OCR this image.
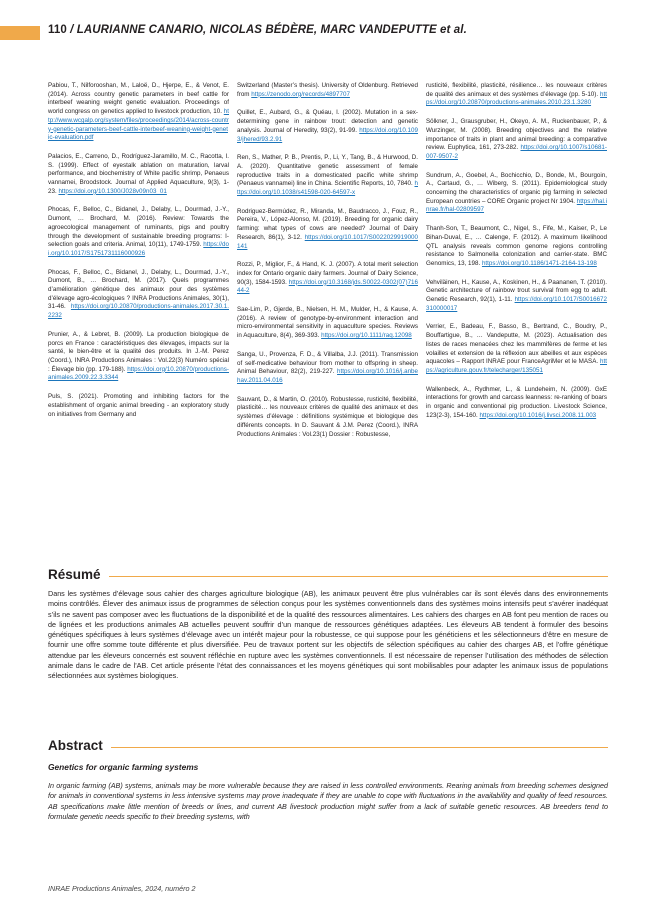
110 / LAURIANNE CANARIO, NICOLAS BÉDÈRE, MARC VANDEPUTTE et al.

Pabiou, T., Nilforooshan, M., Laloë, D., Hjerpe, E., & Venot, E. (2014). Across country genetic parameters in beef cattle for interbeef weaning weight genetic evaluation. Proceedings of world congress on genetics applied to livestock production, 10. http://www.wcgalp.org/system/files/proceedings/2014/across-country-genetic-parameters-beef-cattle-interbeef-weaning-weight-genetic-evaluation.pdf

Palacios, E., Carreno, D., Rodríguez-Jaramillo, M. C., Racotta, I. S. (1999). Effect of eyestalk ablation on maturation, larval performance, and biochemistry of White pacific shrimp, Penaeus vannamei, Broodstock. Journal of Applied Aquaculture, 9(3), 1-23. https://doi.org/10.1300/J028v09n03_01

Phocas, F., Belloc, C., Bidanel, J., Delaby, L., Dourmad, J.-Y., Dumont, … Brochard, M. (2016). Review: Towards the agroecological management of ruminants, pigs and poultry through the development of sustainable breeding programs: I-selection goals and criteria. Animal, 10(11), 1749-1759. https://doi.org/10.1017/S1751731116000926

Phocas, F., Belloc, C., Bidanel, J., Delaby, L., Dourmad, J.-Y., Dumont, B., … Brochard, M. (2017). Quels programmes d’amélioration génétique des animaux pour des systèmes d’élevage agro-écologiques ? INRA Productions Animales, 30(1), 31-46. https://doi.org/10.20870/productions-animales.2017.30.1.2232

Prunier, A., & Lebret, B. (2009). La production biologique de porcs en France : caractéristiques des élevages, impacts sur la santé, le bien-être et la qualité des produits. In J.-M. Perez (Coord.), INRA Productions Animales : Vol.22(3) Numéro spécial : Élevage bio (pp. 179-188). https://doi.org/10.20870/productions-animales.2009.22.3.3344

Puls, S. (2021). Promoting and inhibiting factors for the establishment of organic animal breeding - an exploratory study on initiatives from Germany and

Switzerland (Master’s thesis). University of Oldenburg. Retrieved from https://zenodo.org/records/4897707

Quillet, E., Aubard, G., & Quéau, I. (2002). Mutation in a sex-determining gene in rainbow trout: detection and genetic analysis. Journal of Heredity, 93(2), 91-99. https://doi.org/10.1093/jhered/93.2.91

Ren, S., Mather, P. B., Prentis, P., Li, Y., Tang, B., & Hurwood, D. A. (2020). Quantitative genetic assessment of female reproductive traits in a domesticated pacific white shrimp (Penaeus vannamei) line in China. Scientific Reports, 10, 7840. https://doi.org/10.1038/s41598-020-64597-x

Rodriguez-Bermúdez, R., Miranda, M., Baudracco, J., Fouz, R., Pereira, V., López-Alonso, M. (2019). Breeding for organic dairy farming: what types of cows are needed? Journal of Dairy Research, 86(1), 3-12. https://doi.org/10.1017/S0022029919000141

Rozzi, P., Miglior, F., & Hand, K. J. (2007). A total merit selection index for Ontario organic dairy farmers. Journal of Dairy Science, 90(3), 1584-1593. https://doi.org/10.3168/jds.S0022-0302(07)71644-2

Sae-Lim, P., Gjerde, B., Nielsen, H. M., Mulder, H., & Kause, A. (2016). A review of genotype-by-environment interaction and micro-environmental sensitivity in aquaculture species. Reviews in Aquaculture, 8(4), 369-393. https://doi.org/10.1111/raq.12098

Sanga, U., Provenza, F. D., & Villalba, J.J. (2011). Transmission of self-medicative behaviour from mother to offspring in sheep. Animal Behaviour, 82(2), 219-227. https://doi.org/10.1016/j.anbehav.2011.04.016

Sauvant, D., & Martin, O. (2010). Robustesse, rusticité, flexibilité, plasticité… les nouveaux critères de qualité des animaux et des systèmes d’élevage : définitions systémique et biologique des différents concepts. In D. Sauvant & J.M. Perez (Coord.), INRA Productions Animales : Vol.23(1) Dossier : Robustesse,

rusticité, flexibilité, plasticité, résilience… les nouveaux critères de qualité des animaux et des systèmes d’élevage (pp. 5-10). https://doi.org/10.20870/productions-animales.2010.23.1.3280

Sölkner, J., Grausgruber, H., Okeyo, A. M., Ruckenbauer, P., & Wurzinger, M. (2008). Breeding objectives and the relative importance of traits in plant and animal breeding: a comparative review. Euphytica, 161, 273-282. https://doi.org/10.1007/s10681-007-9507-2

Sundrum, A., Goebel, A., Bochicchio, D., Bonde, M., Bourgoin, A., Cartaud, G., … Wiberg, S. (2011). Epidemiological study concerning the characteristics of organic pig farming in selected European countries – CORE Organic project Nr 1904. https://hal.inrae.fr/hal-02809597

Thanh-Son, T., Beaumont, C., Nigel, S., Fife, M., Kaiser, P., Le Bihan-Duval, E., … Calenge, F. (2012). A maximum likelihood QTL analysis reveals common genome regions controlling resistance to Salmonella colonization and carrier-state. BMC Genomics, 13, 198. https://doi.org/10.1186/1471-2164-13-198

Vehviläinen, H., Kause, A., Koskinen, H., & Paananen, T. (2010). Genetic architecture of rainbow trout survival from egg to adult. Genetic Research, 92(1), 1-11. https://doi.org/10.1017/S0016672310000017

Verrier, E., Badeau, F., Basso, B., Bertrand, C., Boudry, P., Bouffartigue, B., … Vandeputte, M. (2023). Actualisation des listes de races menacées chez les mammifères de ferme et les volailles et extension de la réflexion aux abeilles et aux espèces aquacoles – Rapport INRAE pour FranceAgriMer et le MASA. https://agriculture.gouv.fr/telecharger/135051

Wallenbeck, A., Rydhmer, L., & Lundeheim, N. (2009). GxE interactions for growth and carcass leanness: re-ranking of boars in organic and conventional pig production. Livestock Science, 123(2-3), 154-160. https://doi.org/10.1016/j.livsci.2008.11.003

Résumé
Dans les systèmes d’élevage sous cahier des charges agriculture biologique (AB), les animaux peuvent être plus vulnérables car ils sont élevés dans des environnements moins contrôlés. Élever des animaux issus de programmes de sélection conçus pour les systèmes conventionnels dans des systèmes moins intensifs peut s’avérer inadéquat s’ils ne savent pas composer avec les fluctuations de la disponibilité et de la qualité des ressources alimentaires. Les cahiers des charges en AB font peu mention de races ou de lignées et les productions animales AB actuelles peuvent souffrir d’un manque de ressources génétiques adaptées. Les éleveurs AB tendent à formuler des besoins génétiques spécifiques à leurs systèmes d’élevage avec un intérêt majeur pour la robustesse, ce qui suppose pour les généticiens et les sélectionneurs d’être en mesure de fournir une offre somme toute différente et plus diversifiée. Peu de travaux portent sur les objectifs de sélection spécifiques au cahier des charges AB, et l’offre génétique attendue par les éleveurs concernés est souvent réfléchie en rupture avec les systèmes conventionnels. Il est nécessaire de repenser l’utilisation des méthodes de sélection animale dans le cadre de l’AB. Cet article présente l’état des connaissances et les moyens génétiques qui sont mobilisables pour adapter les animaux issus de populations sélectionnées aux systèmes biologiques.
Abstract
Genetics for organic farming systems
In organic farming (AB) systems, animals may be more vulnerable because they are raised in less controlled environments. Rearing animals from breeding schemes designed for animals in conventional systems in less intensive systems may prove inadequate if they are unable to cope with fluctuations in the availability and quality of feed resources. AB specifications make little mention of breeds or lines, and current AB livestock production might suffer from a lack of suitable genetic resources. AB breeders tend to formulate genetic needs specific to their breeding systems, with
INRAE Productions Animales, 2024, numéro 2
